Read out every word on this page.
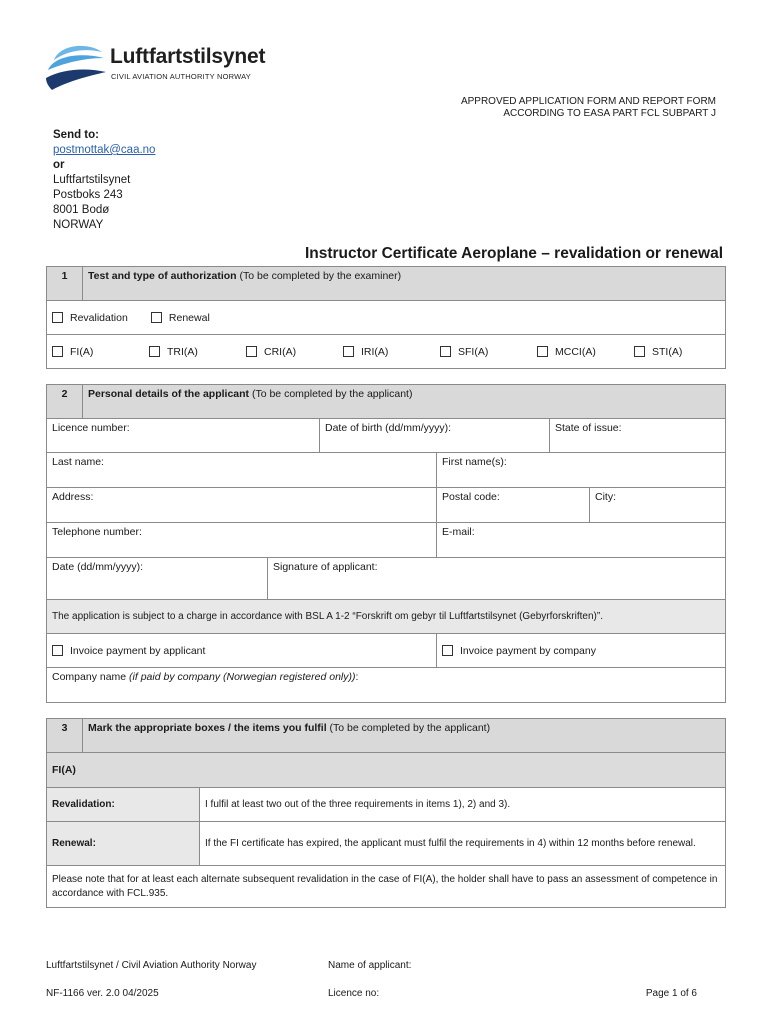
Luftfartstilsynet
CIVIL AVIATION AUTHORITY NORWAY
APPROVED APPLICATION FORM AND REPORT FORM
ACCORDING TO EASA PART FCL SUBPART J
Send to:
postmottak@caa.no
or
Luftfartstilsynet
Postboks 243
8001 Bodø
NORWAY
Instructor Certificate Aeroplane – revalidation or renewal
1	Test and type of authorization (To be completed by the examiner)
Revalidation	Renewal
FI(A)	TRI(A)	CRI(A)	IRI(A)	SFI(A)	MCCI(A)	STI(A)
2	Personal details of the applicant (To be completed by the applicant)					
Licence number:			Date of birth (dd/mm/yyyy):		State of issue:	
Last name:				First name(s):		
Address:				Postal code:		City:
Telephone number:				E-mail:		
Date (dd/mm/yyyy):		Signature of applicant:				
The application is subject to a charge in accordance with BSL A 1-2 “Forskrift om gebyr til Luftfartstilsynet (Gebyrforskriften)”.						
Invoice payment by applicant				Invoice payment by company		
Company name (if paid by company (Norwegian registered only)):						
3	Mark the appropriate boxes / the items you fulfil (To be completed by the applicant)	
FI(A)		
Revalidation:		I fulfil at least two out of the three requirements in items 1), 2) and 3).
Renewal:		If the FI certificate has expired, the applicant must fulfil the requirements in 4) within 12 months before renewal.
Please note that for at least each alternate subsequent revalidation in the case of FI(A), the holder shall have to pass an assessment of competence in accordance with FCL.935.		
Luftfartstilsynet / Civil Aviation Authority Norway	Name of applicant:
NF-1166 ver. 2.0 04/2025	Licence no:	Page 1 of 6
